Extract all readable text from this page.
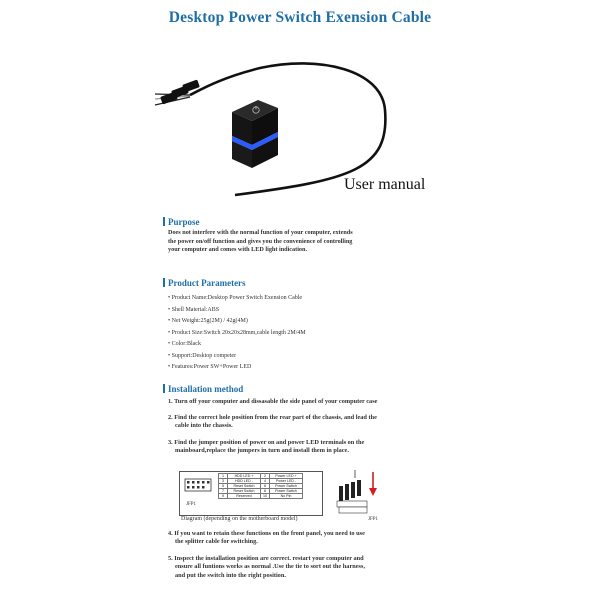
Desktop Power Switch Exension Cable
User manual
Purpose
Does not interfere with the normal function of your computer, extends
the power on/off function and gives you the convenience of controlling
your computer and comes with LED light indication.
Product Parameters
• Product Name:Desktop Power Switch Exension Cable
• Shell Material:ABS
• Net Weight:25g(2M) / 42g(4M)
• Product Size:Switch 20x20x28mm,cable length 2M/4M
• Color:Black
• Support:Desktop competer
• Features:Power SW+Power LED
Installation method
1. Turn off your computer and dissasable the side panel of your computer case
2. Find the correct hole position from the rear part of the chassis, and lead the
cable into the chassis.
3. Find the jumper position of power on and power LED terminals on the
mainboard,replace the jumpers in turn and install them in place.
1	HDD LED +	2	Power LED +
3	HDD LED -	4	Power LED -
5	Reset Switch	6	Power Switch
7	Reset Switch	8	Power Switch
9	Reserved	10	No Pin
JFP1
JFP1
Diagram (depending on the motherboard model)
4. If you want to retain these functions on the front panel, you need to use
the splitter cable for switching.
5. Inspect the installation position are correct. restart your computer and
ensure all funtions works as normal .Use the tie to sort out the harness,
and put the switch into the right position.
